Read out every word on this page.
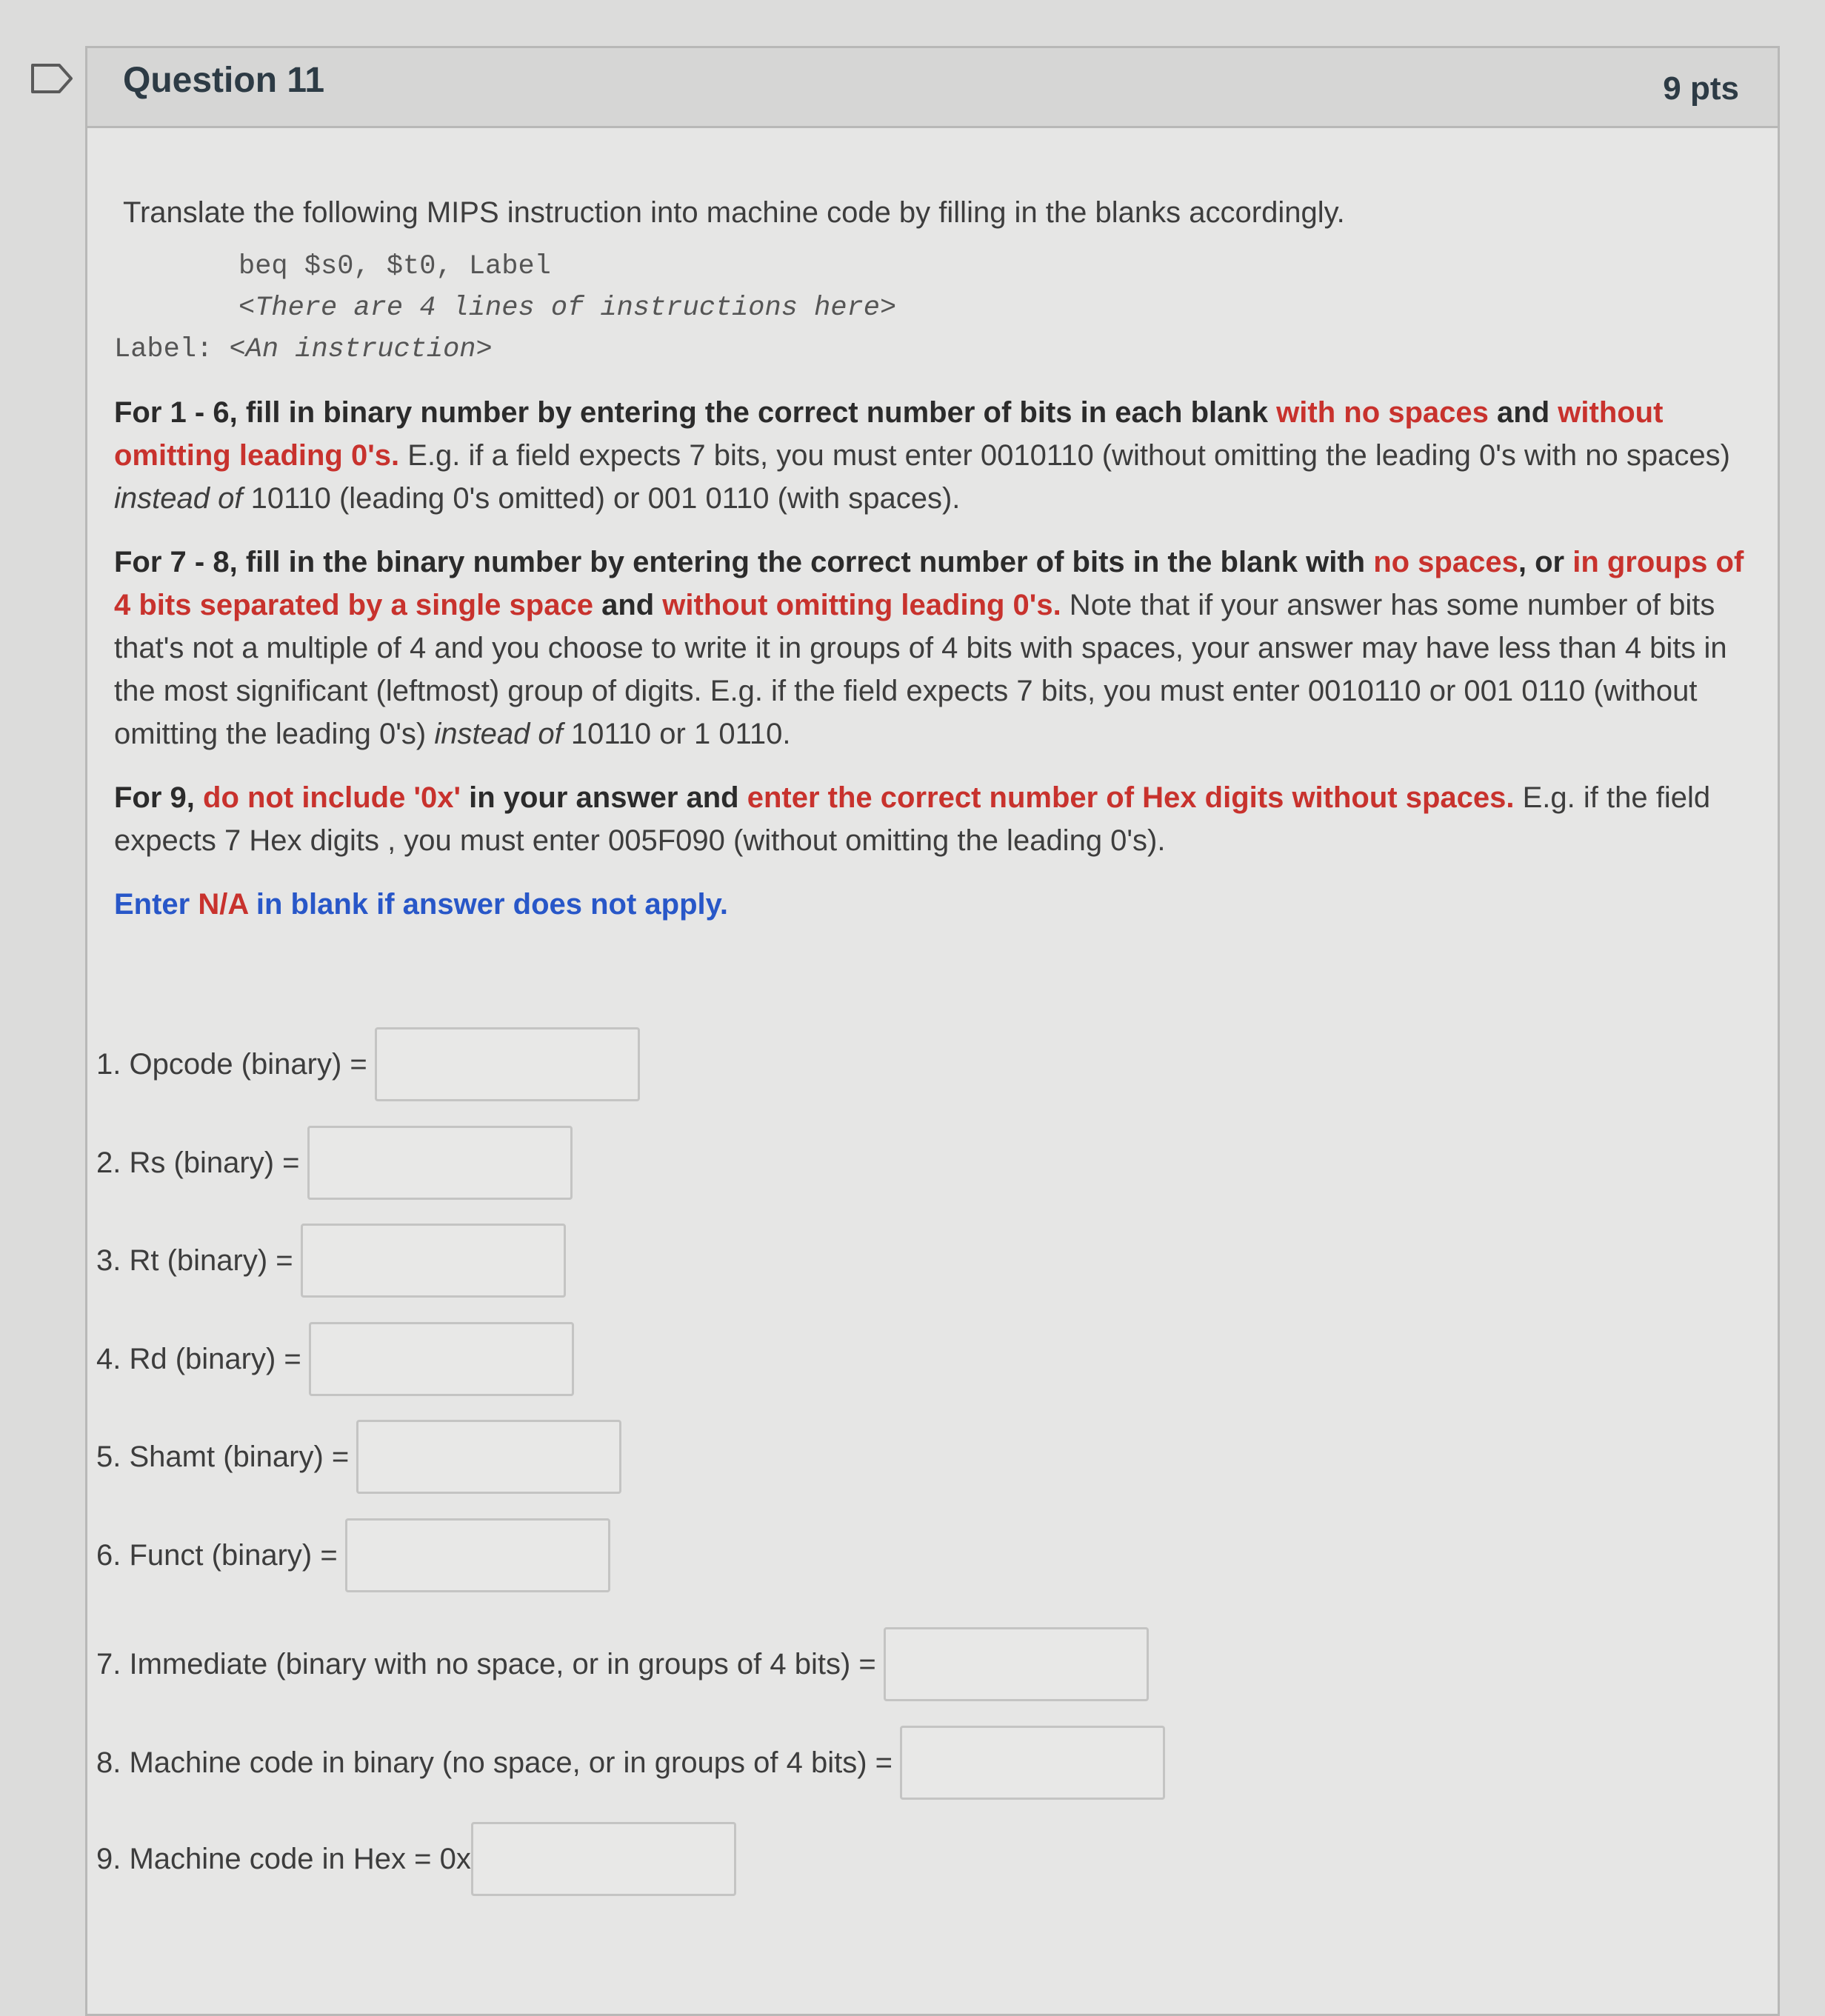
Question 11	9 pts
Translate the following MIPS instruction into machine code by filling in the blanks accordingly.
beq $s0, $t0, Label
<There are 4 lines of instructions here>
Label: <An instruction>

For 1 - 6, fill in binary number by entering the correct number of bits in each blank with no spaces and without omitting leading 0's. E.g. if a field expects 7 bits, you must enter 0010110 (without omitting the leading 0's with no spaces) instead of 10110 (leading 0's omitted) or 001 0110 (with spaces).

For 7 - 8, fill in the binary number by entering the correct number of bits in the blank with no spaces, or in groups of 4 bits separated by a single space and without omitting leading 0's. Note that if your answer has some number of bits that's not a multiple of 4 and you choose to write it in groups of 4 bits with spaces, your answer may have less than 4 bits in the most significant (leftmost) group of digits. E.g. if the field expects 7 bits, you must enter 0010110 or 001 0110 (without omitting the leading 0's) instead of 10110 or 1 0110.

For 9, do not include '0x' in your answer and enter the correct number of Hex digits without spaces. E.g. if the field expects 7 Hex digits , you must enter 005F090 (without omitting the leading 0's).

Enter N/A in blank if answer does not apply.

1. Opcode (binary) =
2. Rs (binary) =
3. Rt (binary) =
4. Rd (binary) =
5. Shamt (binary) =
6. Funct (binary) =
7. Immediate (binary with no space, or in groups of 4 bits) =
8. Machine code in binary (no space, or in groups of 4 bits) =
9. Machine code in Hex = 0x
